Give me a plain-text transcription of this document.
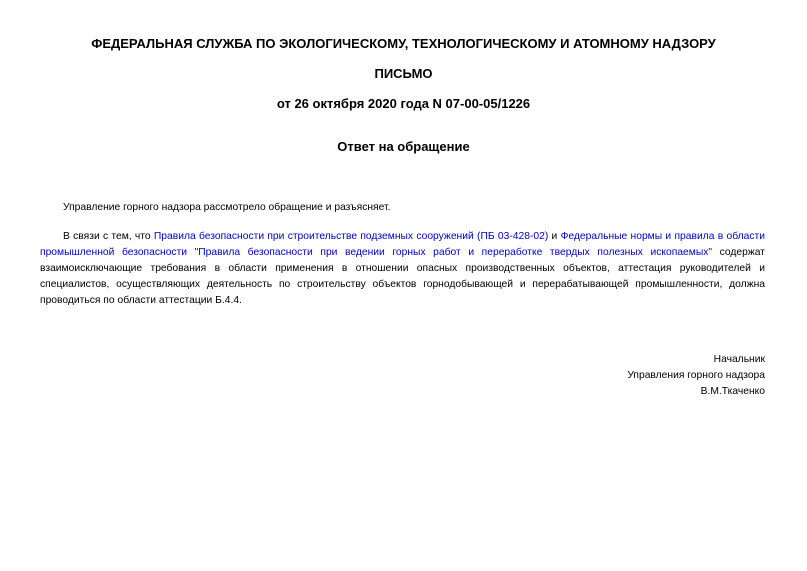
ФЕДЕРАЛЬНАЯ СЛУЖБА ПО ЭКОЛОГИЧЕСКОМУ, ТЕХНОЛОГИЧЕСКОМУ И АТОМНОМУ НАДЗОРУ
ПИСЬМО
от 26 октября 2020 года N 07-00-05/1226
Ответ на обращение
Управление горного надзора рассмотрело обращение и разъясняет.
В связи с тем, что Правила безопасности при строительстве подземных сооружений (ПБ 03-428-02) и Федеральные нормы и правила в области промышленной безопасности "Правила безопасности при ведении горных работ и переработке твердых полезных ископаемых" содержат взаимоисключающие требования в области применения в отношении опасных производственных объектов, аттестация руководителей и специалистов, осуществляющих деятельность по строительству объектов горнодобывающей и перерабатывающей промышленности, должна проводиться по области аттестации Б.4.4.
Начальник
Управления горного надзора
В.М.Ткаченко
